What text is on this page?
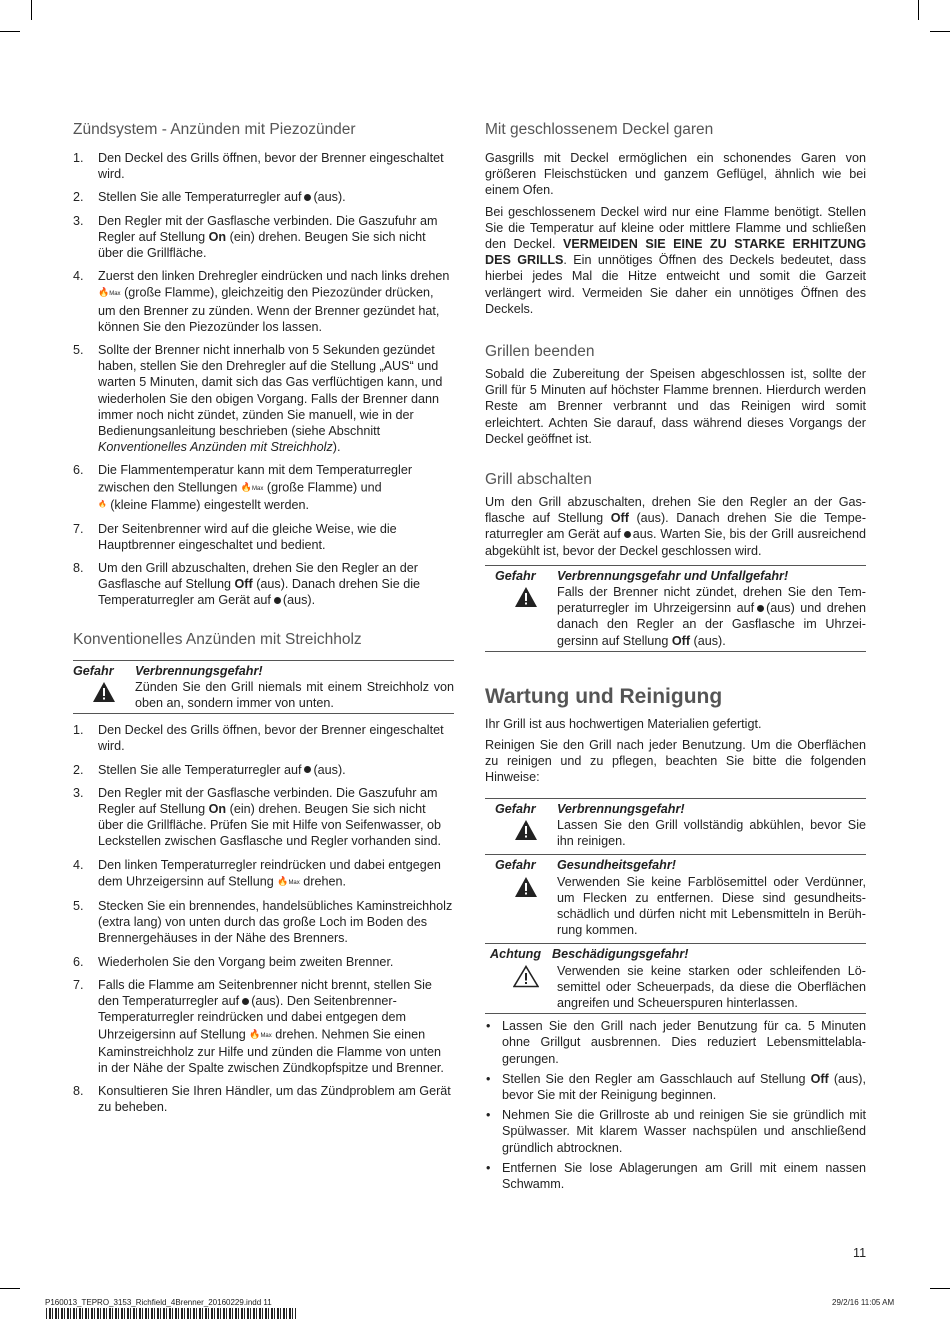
Zündsystem - Anzünden mit Piezozünder
1. Den Deckel des Grills öffnen, bevor der Brenner eingeschaltet wird.
2. Stellen Sie alle Temperaturregler auf (aus).
3. Den Regler mit der Gasflasche verbinden. Die Gaszufuhr am Regler auf Stellung On (ein) drehen. Beugen Sie sich nicht über die Grillfläche.
4. Zuerst den linken Drehregler eindrücken und nach links drehen 🔥Max (große Flamme), gleichzeitig den Piezozünder drücken, um den Brenner zu zünden. Wenn der Brenner gezündet hat, können Sie den Piezozünder los lassen.
5. Sollte der Brenner nicht innerhalb von 5 Sekunden gezündet haben, stellen Sie den Drehregler auf die Stellung „AUS“ und warten 5 Minuten, damit sich das Gas verflüchtigen kann, und wiederholen Sie den obigen Vorgang. Falls der Brenner dann immer noch nicht zündet, zünden Sie manuell, wie in der Bedienungsanleitung beschrieben (siehe Abschnitt Konventionelles Anzünden mit Streichholz).
6. Die Flammentemperatur kann mit dem Temperaturregler zwischen den Stellungen 🔥Max (große Flamme) und
🔥 (kleine Flamme) eingestellt werden.
7. Der Seitenbrenner wird auf die gleiche Weise, wie die Hauptbrenner eingeschaltet und bedient.
8. Um den Grill abzuschalten, drehen Sie den Regler an der Gasflasche auf Stellung Off (aus). Danach drehen Sie die Temperaturregler am Gerät auf (aus).
Konventionelles Anzünden mit Streichholz
Gefahr	Verbrennungsgefahr!
Zünden Sie den Grill niemals mit einem Streichholz von oben an, sondern immer von unten.
1. Den Deckel des Grills öffnen, bevor der Brenner eingeschaltet wird.
2. Stellen Sie alle Temperaturregler auf (aus).
3. Den Regler mit der Gasflasche verbinden. Die Gaszufuhr am Regler auf Stellung On (ein) drehen. Beugen Sie sich nicht über die Grillfläche. Prüfen Sie mit Hilfe von Seifenwasser, ob Leckstellen zwischen Gasflasche und Regler vorhanden sind.
4. Den linken Temperaturregler reindrücken und dabei entgegen dem Uhrzeigersinn auf Stellung 🔥Max drehen.
5. Stecken Sie ein brennendes, handelsübliches Kaminstreichholz (extra lang) von unten durch das große Loch im Boden des Brennergehäuses in der Nähe des Brenners.
6. Wiederholen Sie den Vorgang beim zweiten Brenner.
7. Falls die Flamme am Seitenbrenner nicht brennt, stellen Sie den Temperaturregler auf (aus). Den Seitenbrenner-Temperaturregler reindrücken und dabei entgegen dem Uhrzeigersinn auf Stellung 🔥Max drehen. Nehmen Sie einen Kaminstreichholz zur Hilfe und zünden die Flamme von unten in der Nähe der Spalte zwischen Zündkopfspitze und Brenner.
8. Konsultieren Sie Ihren Händler, um das Zündproblem am Gerät zu beheben.
Mit geschlossenem Deckel garen

Gasgrills mit Deckel ermöglichen ein schonendes Garen von größeren Fleischstücken und ganzem Geflügel, ähnlich wie bei einem Ofen.

Bei geschlossenem Deckel wird nur eine Flamme benötigt. Stellen Sie die Temperatur auf kleine oder mittlere Flamme und schließen den Deckel. VERMEIDEN SIE EINE ZU STARKE ERHITZUNG DES GRILLS. Ein unnötiges Öffnen des Deckels bedeutet, dass hierbei jedes Mal die Hitze entweicht und somit die Garzeit verlängert wird. Vermeiden Sie daher ein unnötiges Öffnen des Deckels.

Grillen beenden

Sobald die Zubereitung der Speisen abgeschlossen ist, sollte der Grill für 5 Minuten auf höchster Flamme brennen. Hierdurch werden Reste am Brenner verbrannt und das Reinigen wird somit erleichtert. Achten Sie darauf, dass während dieses Vorgangs der Deckel geöffnet ist.

Grill abschalten

Um den Grill abzuschalten, drehen Sie den Regler an der Gasflasche auf Stellung Off (aus). Danach drehen Sie die Temperaturregler am Gerät auf aus. Warten Sie, bis der Grill ausreichend abgekühlt ist, bevor der Deckel geschlossen wird.

Gefahr	Verbrennungsgefahr und Unfallgefahr!
Falls der Brenner nicht zündet, drehen Sie den Temperaturregler im Uhrzeigersinn auf (aus) und drehen danach den Regler an der Gasflasche im Uhrzeigersinn auf Stellung Off (aus).
Wartung und Reinigung

Ihr Grill ist aus hochwertigen Materialien gefertigt.

Reinigen Sie den Grill nach jeder Benutzung. Um die Oberflächen zu reinigen und zu pflegen, beachten Sie bitte die folgenden Hinweise:

Gefahr	Verbrennungsgefahr!
Lassen Sie den Grill vollständig abkühlen, bevor Sie ihn reinigen.
Gefahr	Gesundheitsgefahr!
Verwenden Sie keine Farblösemittel oder Verdünner, um Flecken zu entfernen. Diese sind gesundheitsschädlich und dürfen nicht mit Lebensmitteln in Berührung kommen.
Achtung Beschädigungsgefahr!
Verwenden sie keine starken oder schleifenden Lösemittel oder Scheuerpads, da diese die Oberflächen angreifen und Scheuerspuren hinterlassen.
• Lassen Sie den Grill nach jeder Benutzung für ca. 5 Minuten ohne Grillgut ausbrennen. Dies reduziert Lebensmittelablagerungen.
• Stellen Sie den Regler am Gasschlauch auf Stellung Off (aus), bevor Sie mit der Reinigung beginnen.
• Nehmen Sie die Grillroste ab und reinigen Sie sie gründlich mit Spülwasser. Mit klarem Wasser nachspülen und anschließend gründlich abtrocknen.
• Entfernen Sie lose Ablagerungen am Grill mit einem nassen Schwamm.
11
P160013_TEPRO_3153_Richfield_4Brenner_20160229.indd 11	29/2/16 11:05 AM
